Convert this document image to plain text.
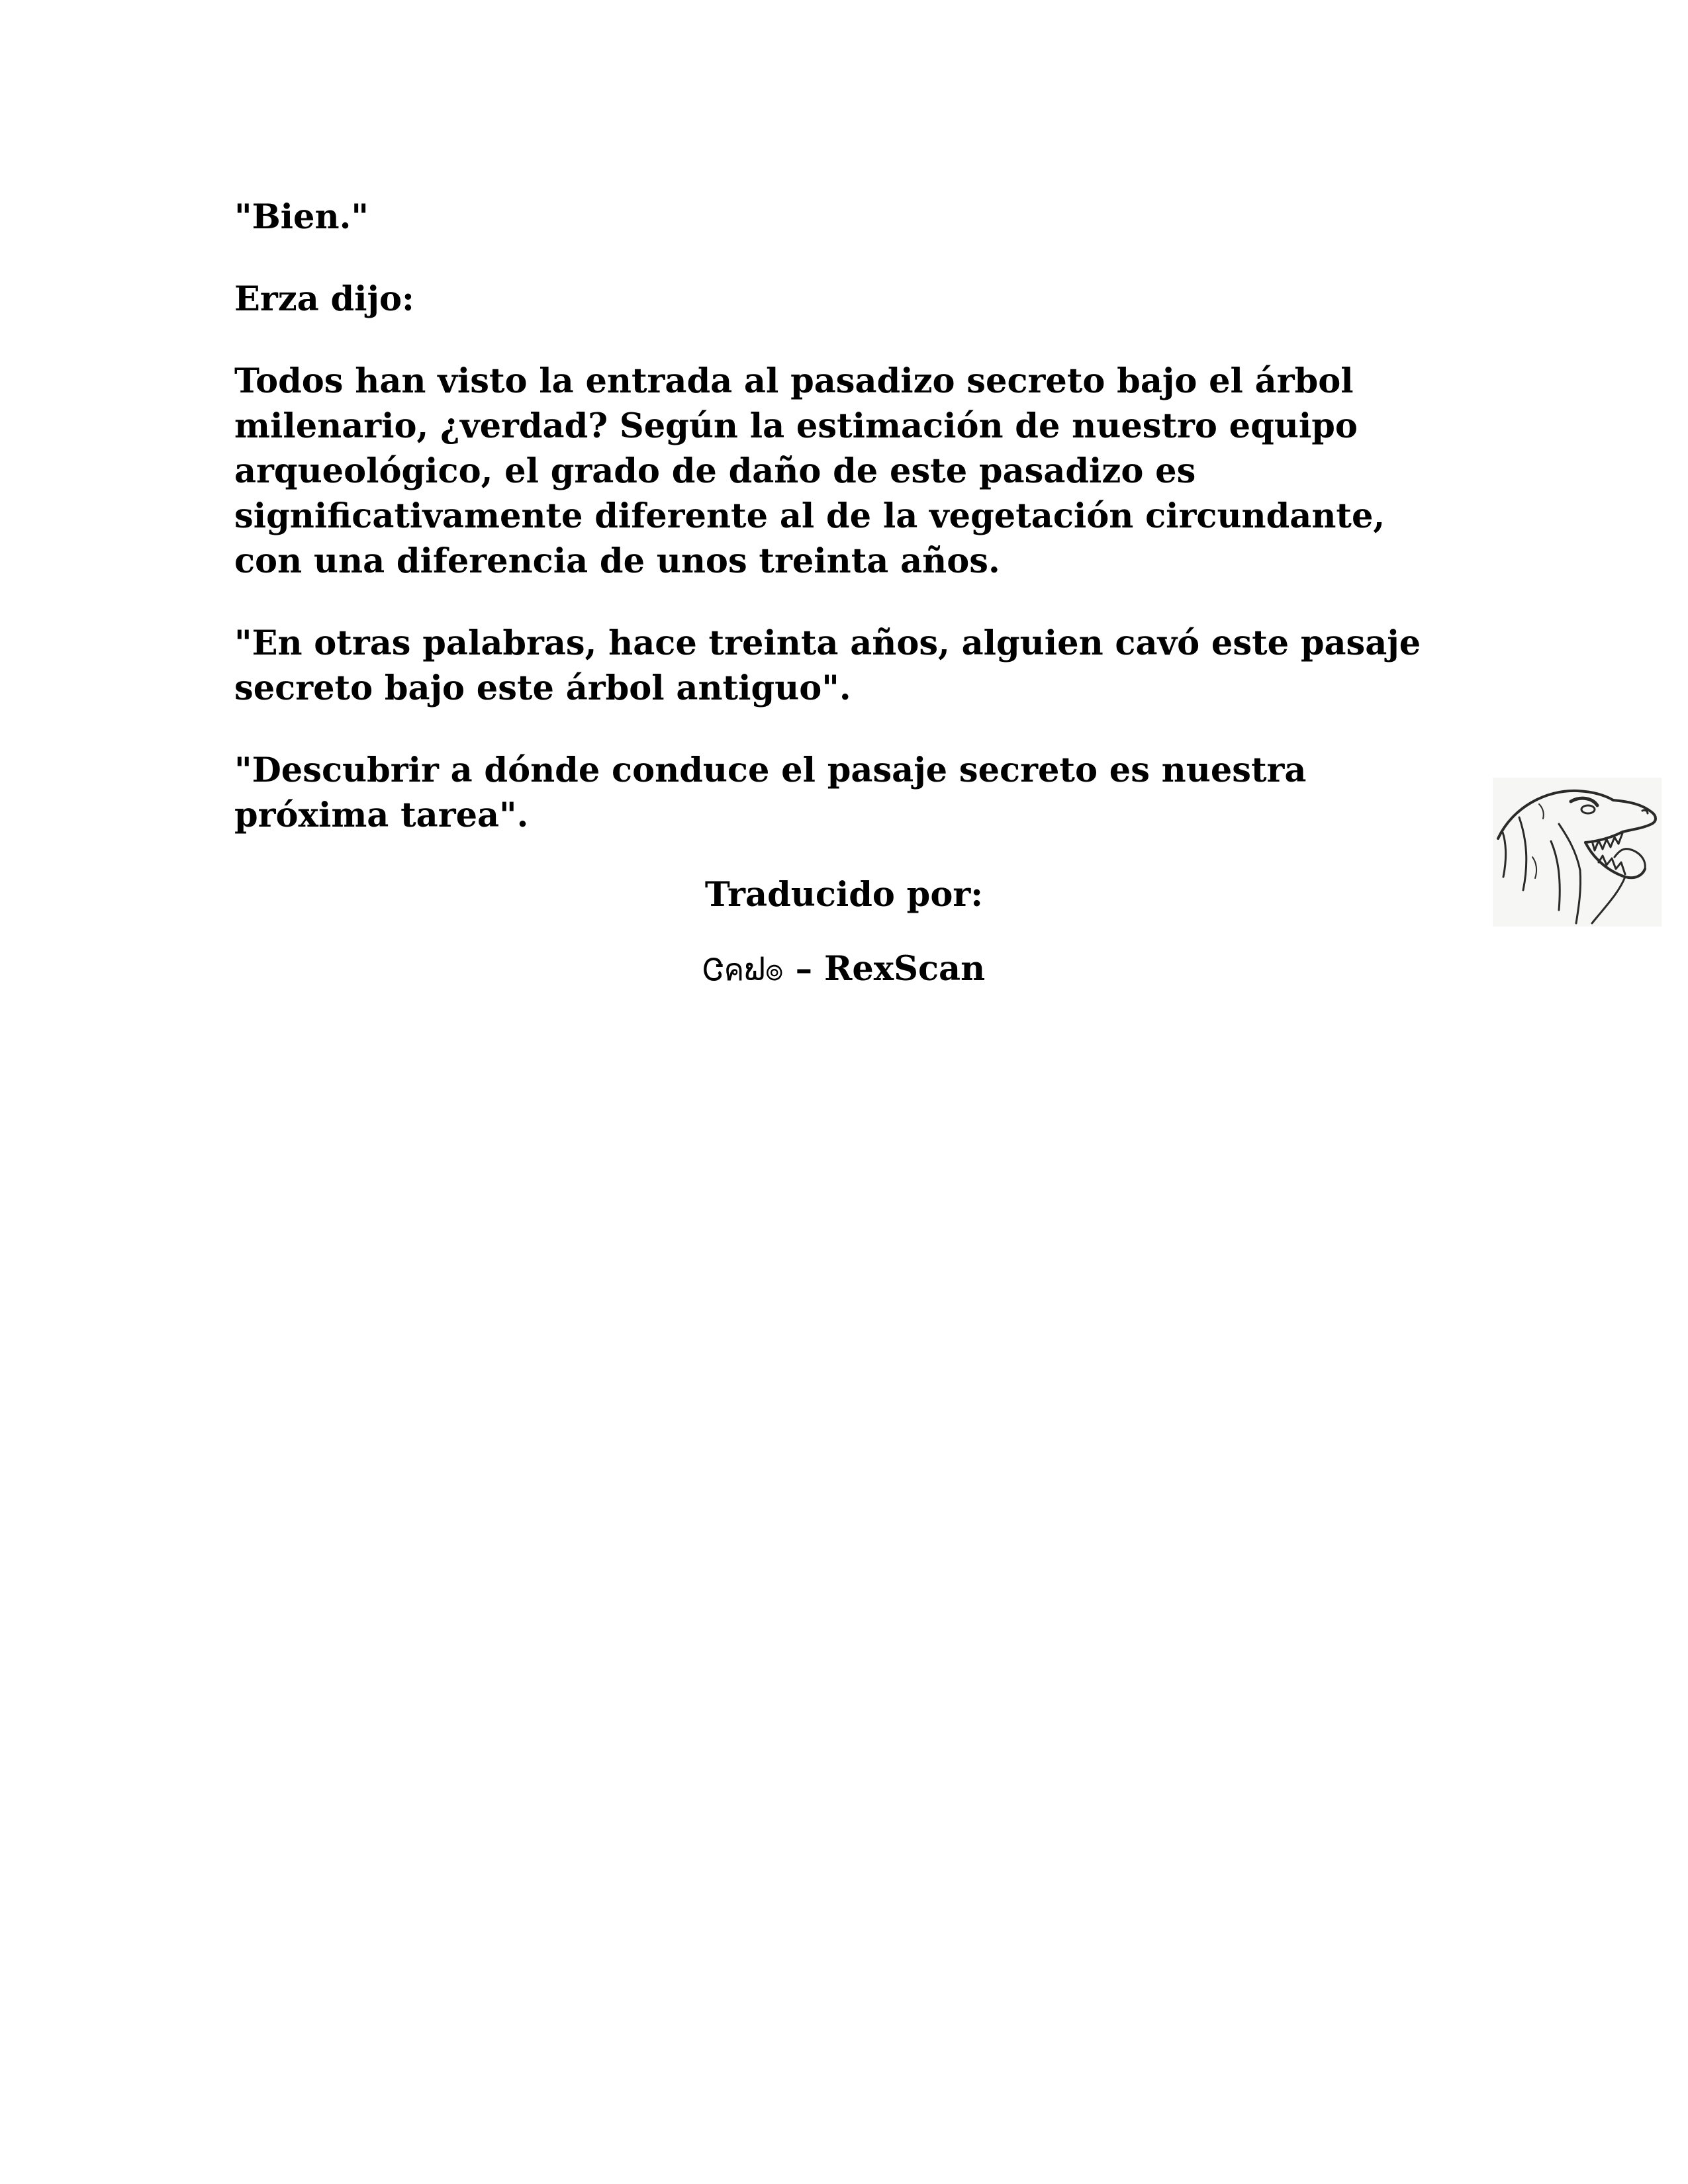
"Bien."

Erza dijo:

Todos han visto la entrada al pasadizo secreto bajo el árbol milenario, ¿verdad? Según la estimación de nuestro equipo arqueológico, el grado de daño de este pasadizo es significativamente diferente al de la vegetación circundante, con una diferencia de unos treinta años.

"En otras palabras, hace treinta años, alguien cavó este pasaje secreto bajo este árbol antiguo".

"Descubrir a dónde conduce el pasaje secreto es nuestra próxima tarea".

Traducido por:
Ꮳคຟ๏ – RexScan
